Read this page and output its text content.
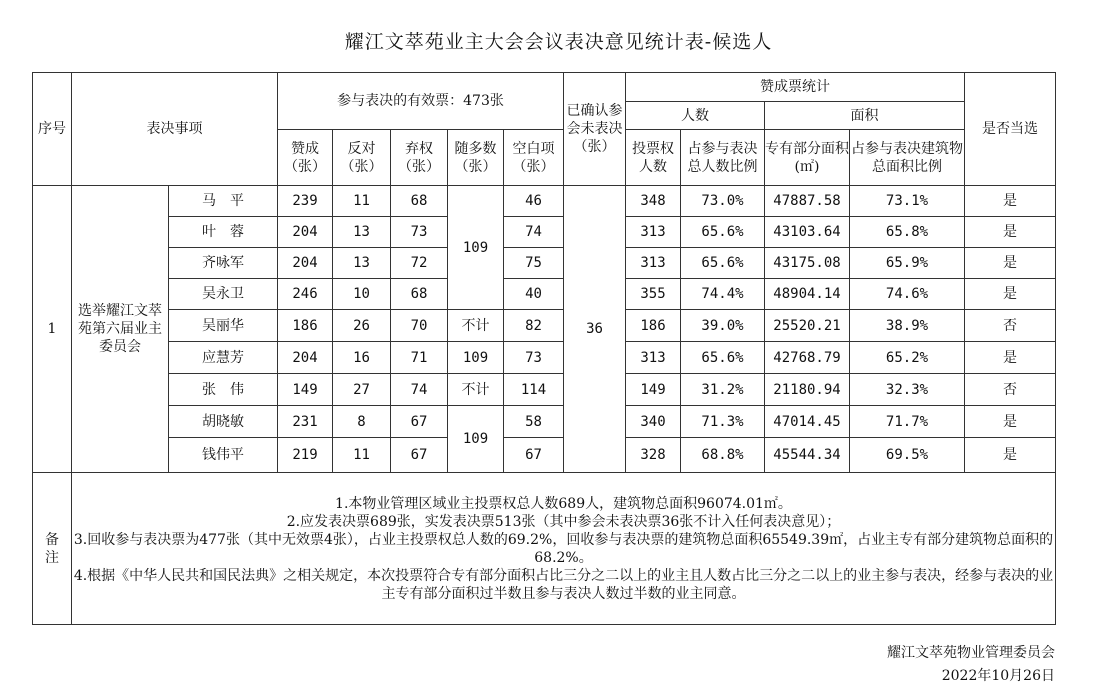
耀江文萃苑业主大会会议表决意见统计表-候选人
序号	表决事项		参与表决的有效票：473张					已确认参会未表决（张）	赞成票统计				是否当选
									人数		面积		
			赞成（张）	反对（张）	弃权（张）	随多数（张）	空白项（张）		投票权人数	占参与表决总人数比例	专有部分面积(㎡)	占参与表决建筑物总面积比例	
1	选举耀江文萃苑第六届业主委员会	马　平	239	11	68	109	46	36	348	73.0%	47887.58	73.1%	是
		叶　蓉	204	13	73		74		313	65.6%	43103.64	65.8%	是
		齐咏军	204	13	72		75		313	65.6%	43175.08	65.9%	是
		吴永卫	246	10	68		40		355	74.4%	48904.14	74.6%	是
		吴丽华	186	26	70	不计	82		186	39.0%	25520.21	38.9%	否
		应慧芳	204	16	71	109	73		313	65.6%	42768.79	65.2%	是
		张　伟	149	27	74	不计	114		149	31.2%	21180.94	32.3%	否
		胡晓敏	231	8	67	109	58		340	71.3%	47014.45	71.7%	是
		钱伟平	219	11	67		67		328	68.8%	45544.34	69.5%	是
备注	1.本物业管理区域业主投票权总人数689人，建筑物总面积96074.01㎡。
2.应发表决票689张，实发表决票513张（其中参会未表决票36张不计入任何表决意见）；
3.回收参与表决票为477张（其中无效票4张），占业主投票权总人数的69.2%，回收参与表决票的建筑物总面积65549.39㎡，占业主专有部分建筑物总面积的68.2%。
4.根据《中华人民共和国民法典》之相关规定，本次投票符合专有部分面积占比三分之二以上的业主且人数占比三分之二以上的业主参与表决，经参与表决的业主专有部分面积过半数且参与表决人数过半数的业主同意。												
耀江文萃苑物业管理委员会
2022年10月26日
